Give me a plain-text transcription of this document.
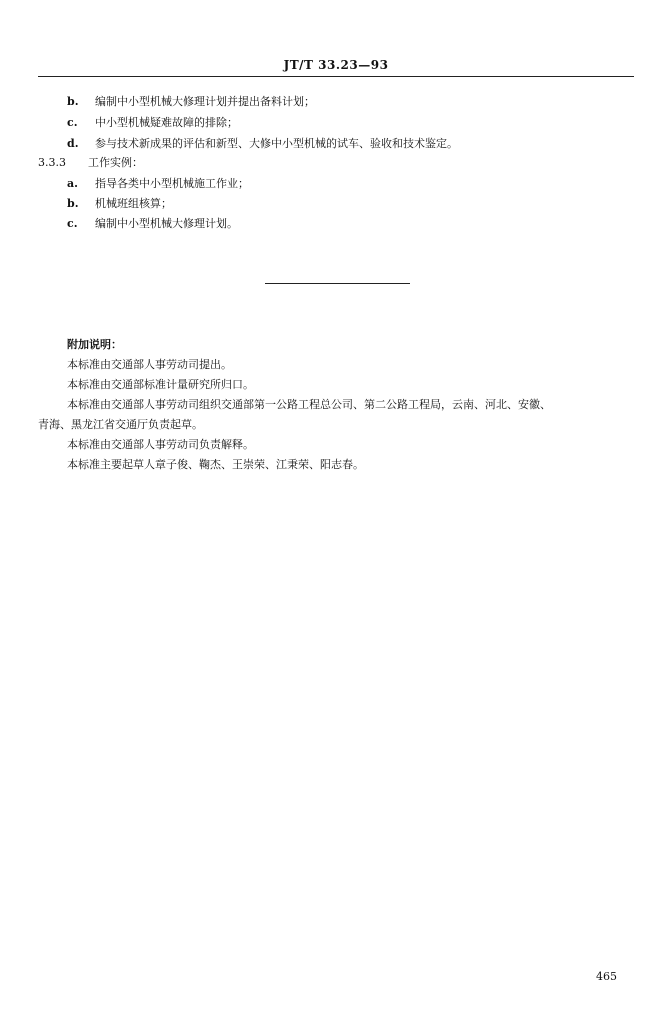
JT/T 33.23—93
b. 编制中小型机械大修理计划并提出备料计划；
c. 中小型机械疑难故障的排除；
d. 参与技术新成果的评估和新型、大修中小型机械的试车、验收和技术鉴定。
3.3.3 工作实例：
a. 指导各类中小型机械施工作业；
b. 机械班组核算；
c. 编制中小型机械大修理计划。
附加说明：
本标准由交通部人事劳动司提出。
本标准由交通部标准计量研究所归口。
本标准由交通部人事劳动司组织交通部第一公路工程总公司、第二公路工程局，云南、河北、安徽、
青海、黑龙江省交通厅负责起草。
本标准由交通部人事劳动司负责解释。
本标准主要起草人章子俊、鞠杰、王崇荣、江秉荣、阳志春。
465
